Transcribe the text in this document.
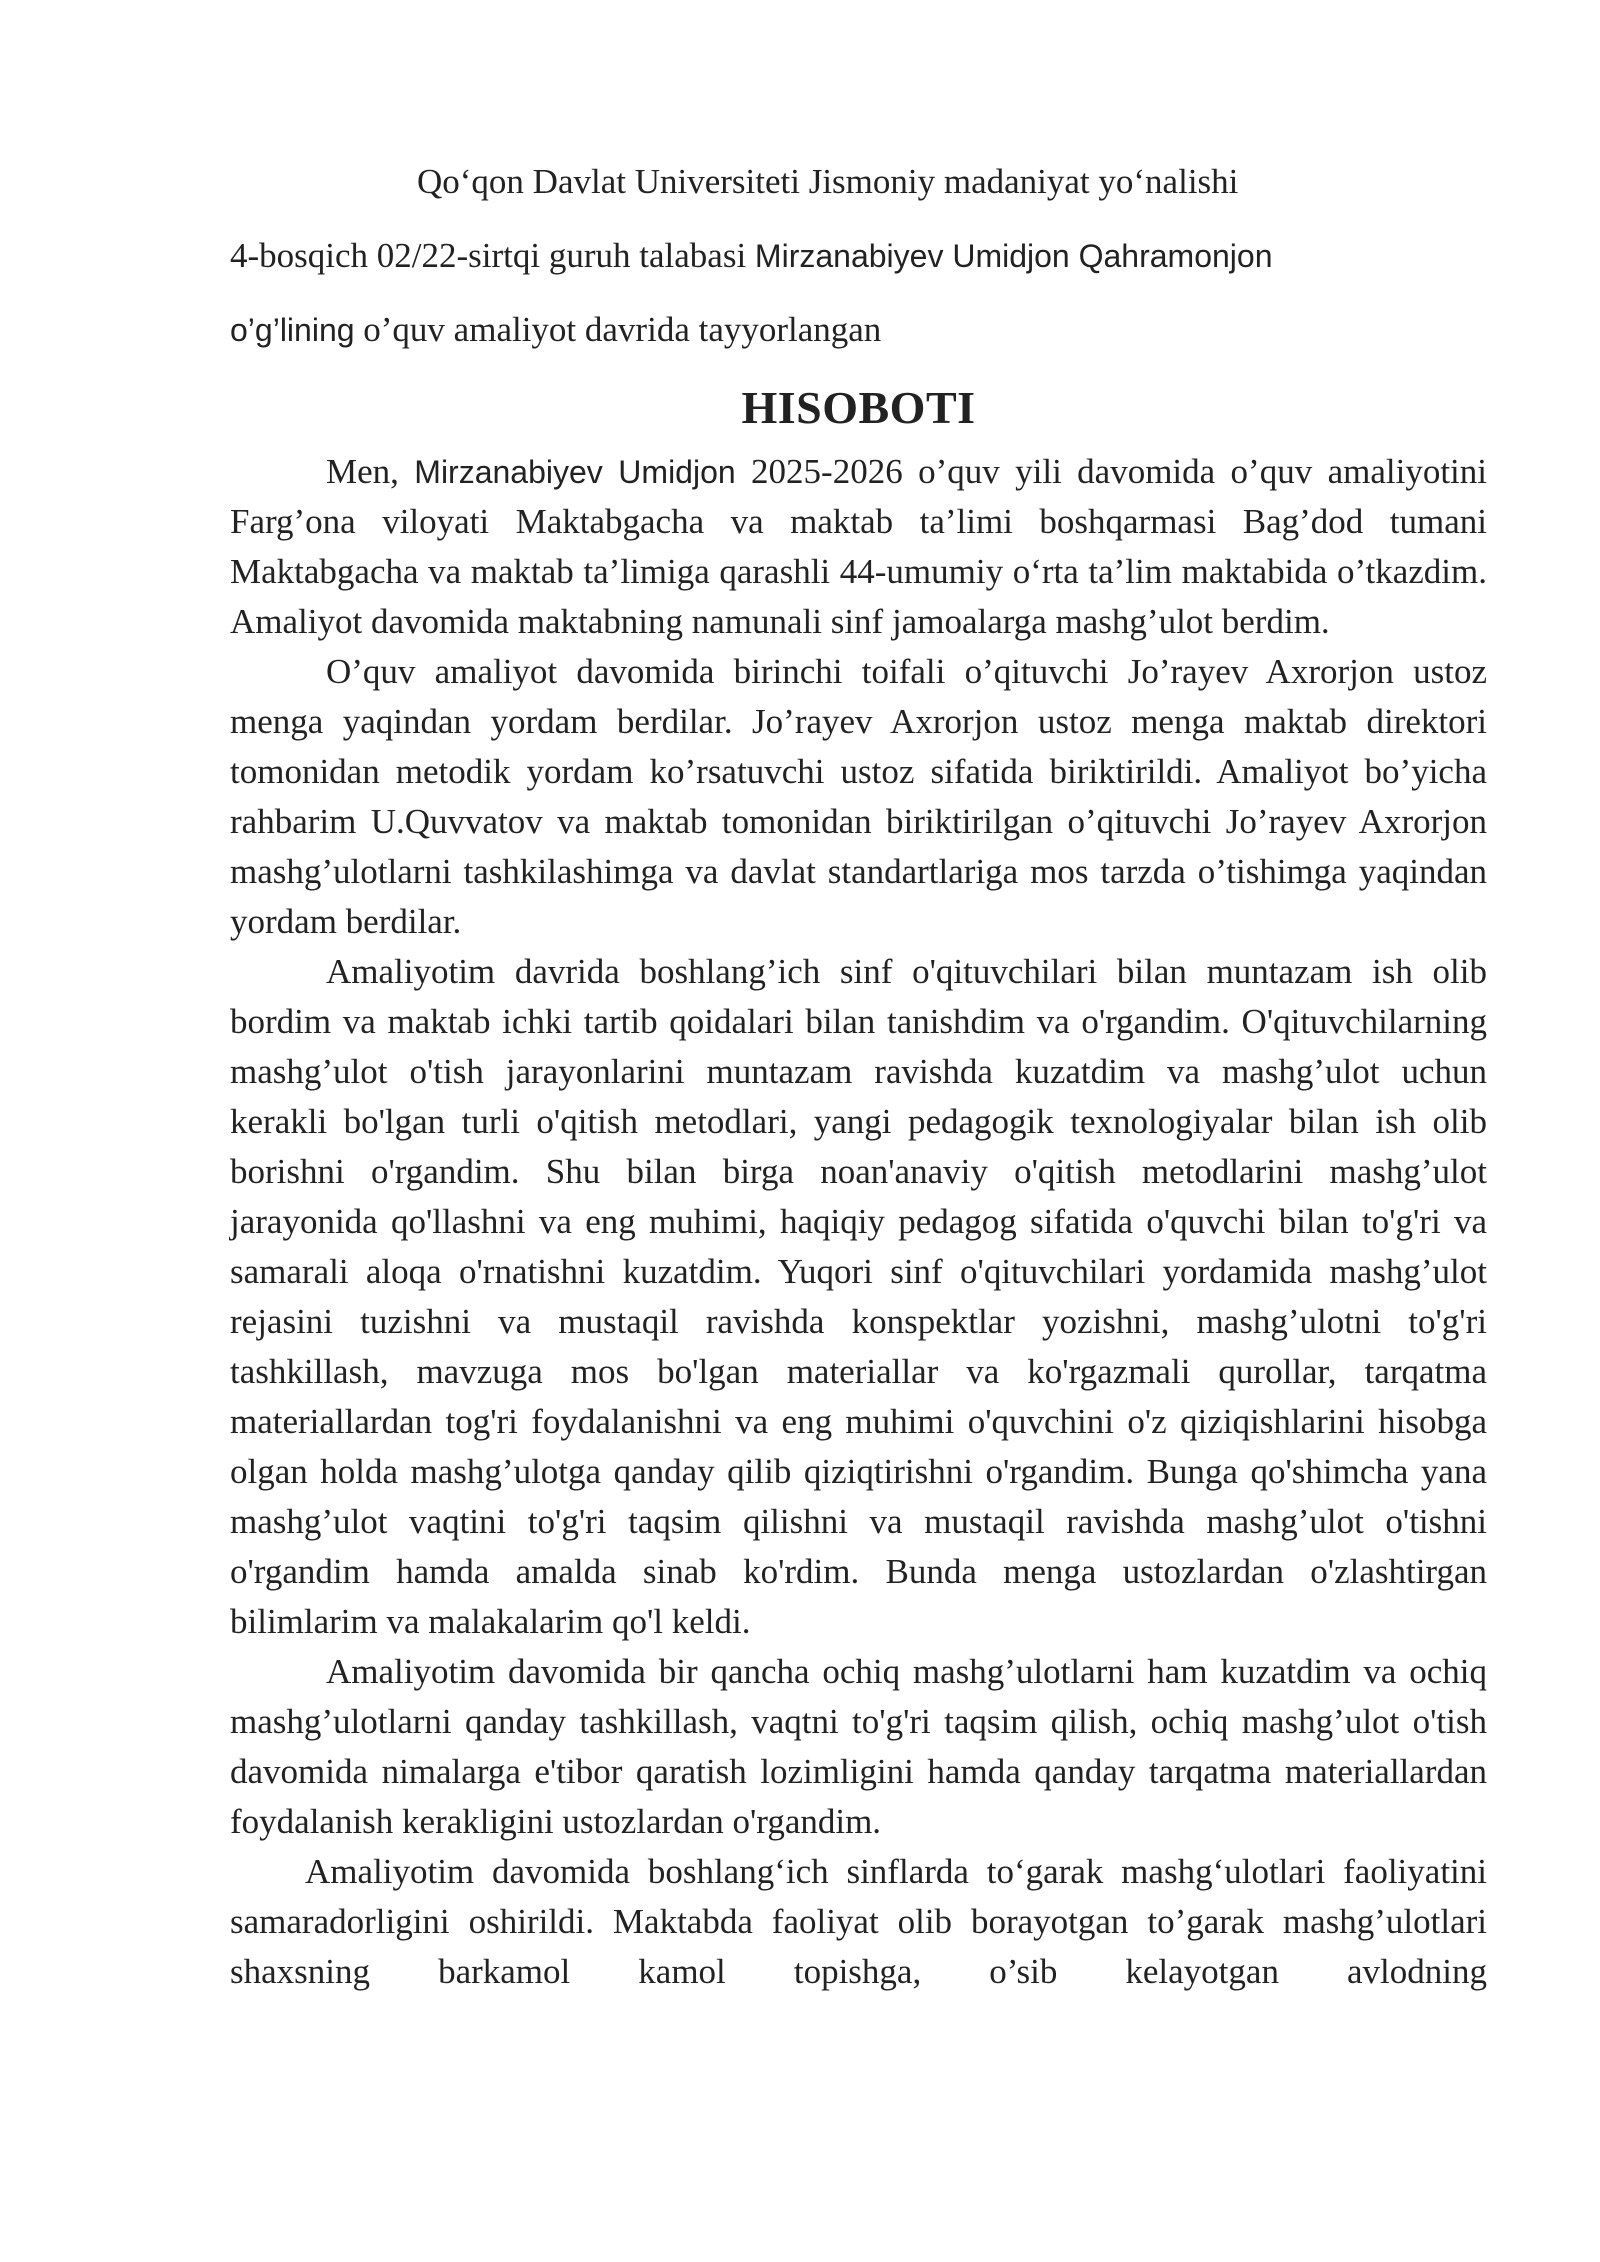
Qo‘qon Davlat Universiteti Jismoniy madaniyat yo‘nalishi
4-bosqich 02/22-sirtqi guruh talabasi Mirzanabiyev Umidjon Qahramonjon
o’g’lining o’quv amaliyot davrida tayyorlangan
HISOBOTI

Men, Mirzanabiyev Umidjon 2025-2026 o’quv yili davomida o’quv amaliyotini Farg’ona viloyati Maktabgacha va maktab ta’limi boshqarmasi Bag’dod tumani Maktabgacha va maktab ta’limiga qarashli 44-umumiy o‘rta ta’lim maktabida o’tkazdim. Amaliyot davomida maktabning namunali sinf jamoalarga mashg’ulot berdim.

O’quv amaliyot davomida birinchi toifali o’qituvchi Jo’rayev Axrorjon ustoz menga yaqindan yordam berdilar. Jo’rayev Axrorjon ustoz menga maktab direktori tomonidan metodik yordam ko’rsatuvchi ustoz sifatida biriktirildi. Amaliyot bo’yicha rahbarim U.Quvvatov va maktab tomonidan biriktirilgan o’qituvchi Jo’rayev Axrorjon mashg’ulotlarni tashkilashimga va davlat standartlariga mos tarzda o’tishimga yaqindan yordam berdilar.

Amaliyotim davrida boshlang’ich sinf o'qituvchilari bilan muntazam ish olib bordim va maktab ichki tartib qoidalari bilan tanishdim va o'rgandim. O'qituvchilarning mashg’ulot o'tish jarayonlarini muntazam ravishda kuzatdim va mashg’ulot uchun kerakli bo'lgan turli o'qitish metodlari, yangi pedagogik texnologiyalar bilan ish olib borishni o'rgandim. Shu bilan birga noan'anaviy o'qitish metodlarini mashg’ulot jarayonida qo'llashni va eng muhimi, haqiqiy pedagog sifatida o'quvchi bilan to'g'ri va samarali aloqa o'rnatishni kuzatdim. Yuqori sinf o'qituvchilari yordamida mashg’ulot rejasini tuzishni va mustaqil ravishda konspektlar yozishni, mashg’ulotni to'g'ri tashkillash, mavzuga mos bo'lgan materiallar va ko'rgazmali qurollar, tarqatma materiallardan tog'ri foydalanishni va eng muhimi o'quvchini o'z qiziqishlarini hisobga olgan holda mashg’ulotga qanday qilib qiziqtirishni o'rgandim. Bunga qo'shimcha yana mashg’ulot vaqtini to'g'ri taqsim qilishni va mustaqil ravishda mashg’ulot o'tishni o'rgandim hamda amalda sinab ko'rdim. Bunda menga ustozlardan o'zlashtirgan bilimlarim va malakalarim qo'l keldi.

Amaliyotim davomida bir qancha ochiq mashg’ulotlarni ham kuzatdim va ochiq mashg’ulotlarni qanday tashkillash, vaqtni to'g'ri taqsim qilish, ochiq mashg’ulot o'tish davomida nimalarga e'tibor qaratish lozimligini hamda qanday tarqatma materiallardan foydalanish kerakligini ustozlardan o'rgandim.

Amaliyotim davomida boshlang‘ich sinflarda to‘garak mashg‘ulotlari faoliyatini samaradorligini oshirildi. Maktabda faoliyat olib borayotgan to’garak mashg’ulotlari shaxsning barkamol kamol topishga, o’sib kelayotgan avlodning
